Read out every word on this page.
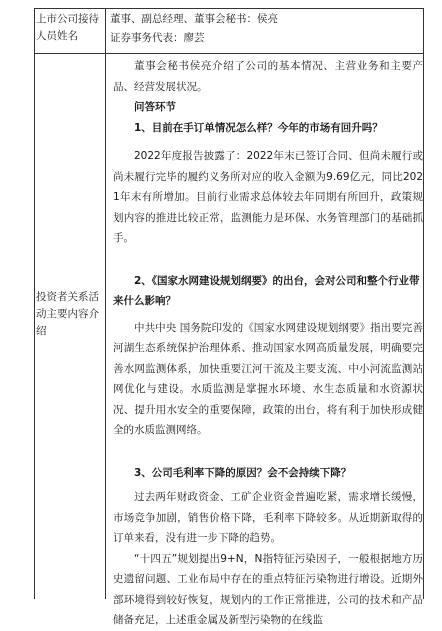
上市公司接待人员姓名
董事、副总经理、董事会秘书：侯亮
证券事务代表：廖芸
投资者关系活动主要内容介绍

董事会秘书侯亮介绍了公司的基本情况、主营业务和主要产品、经营发展状况。

问答环节

1、目前在手订单情况怎么样？今年的市场有回升吗？

2022年度报告披露了：2022年末已签订合同、但尚未履行或尚未履行完毕的履约义务所对应的收入金额为9.69亿元，同比2021年末有所增加。目前行业需求总体较去年同期有所回升，政策规划内容的推进比较正常，监测能力是环保、水务管理部门的基础抓手。

2、《国家水网建设规划纲要》的出台，会对公司和整个行业带来什么影响？

中共中央 国务院印发的《国家水网建设规划纲要》指出要完善河湖生态系统保护治理体系、推动国家水网高质量发展，明确要完善水网监测体系，加快重要江河干流及主要支流、中小河流监测站网优化与建设。水质监测是掌握水环境、水生态质量和水资源状况、提升用水安全的重要保障，政策的出台，将有利于加快形成健全的水质监测网络。

3、公司毛利率下降的原因？会不会持续下降？

过去两年财政资金、工矿企业资金普遍吃紧，需求增长缓慢，市场竞争加剧，销售价格下降，毛利率下降较多。从近期新取得的订单来看，没有进一步下降的趋势。

“十四五”规划提出9+N，N指特征污染因子，一般根据地方历史遗留问题、工业布局中存在的重点特征污染物进行增设。近期外部环境得到较好恢复，规划内的工作正常推进，公司的技术和产品储备充足，上述重金属及新型污染物的在线监
